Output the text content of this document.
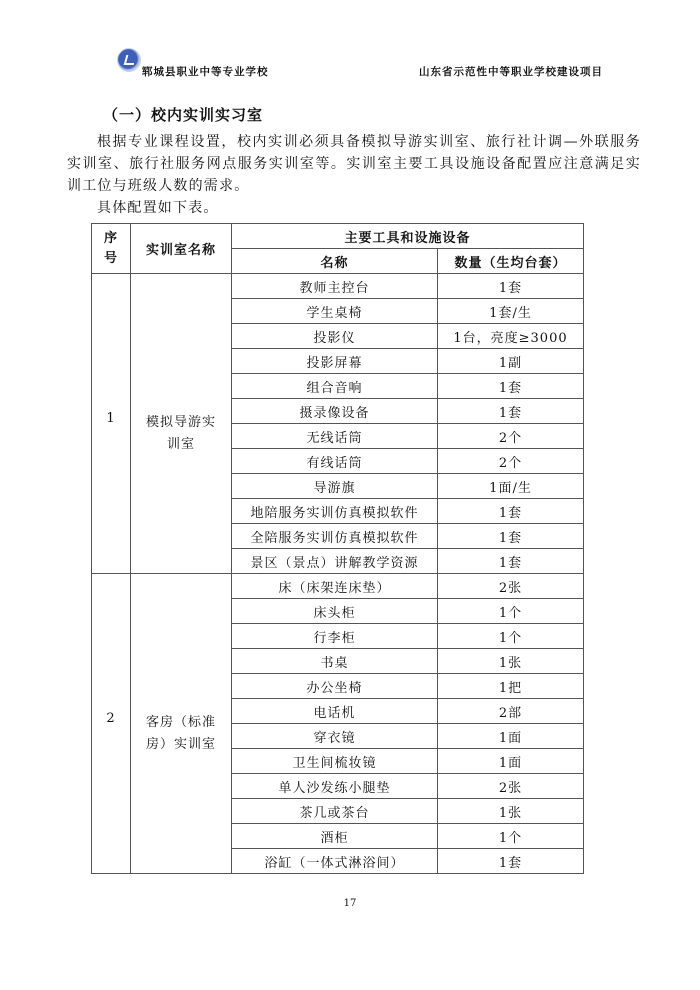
郓城县职业中等专业学校	山东省示范性中等职业学校建设项目
（一）校内实训实习室
根据专业课程设置，校内实训必须具备模拟导游实训室、旅行社计调—外联服务实训室、旅行社服务网点服务实训室等。实训室主要工具设施设备配置应注意满足实训工位与班级人数的需求。
具体配置如下表。
序号	实训室名称	主要工具和设施设备	
		名称	数量（生均台套）

1	模拟导游实训室	教师主控台	1套
		学生桌椅	1套/生
		投影仪	1台，亮度≥3000
		投影屏幕	1副
		组合音响	1套
		摄录像设备	1套
		无线话筒	2个
		有线话筒	2个
		导游旗	1面/生
		地陪服务实训仿真模拟软件	1套
		全陪服务实训仿真模拟软件	1套
		景区（景点）讲解教学资源	1套

2	客房（标准房）实训室	床（床架连床垫）	2张
		床头柜	1个
		行李柜	1个
		书桌	1张
		办公坐椅	1把
		电话机	2部
		穿衣镜	1面
		卫生间梳妆镜	1面
		单人沙发练小腿垫	2张
		茶几或茶台	1张
		酒柜	1个
		浴缸（一体式淋浴间）	1套
17
